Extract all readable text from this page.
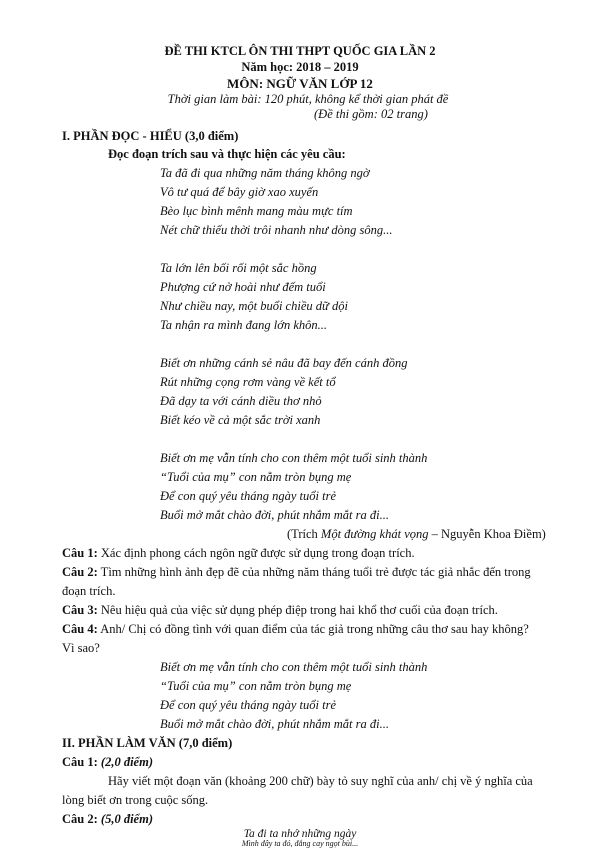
ĐỀ THI KTCL ÔN THI THPT QUỐC GIA LẦN 2
Năm học: 2018 – 2019
MÔN: NGỮ VĂN LỚP 12
Thời gian làm bài: 120 phút, không kể thời gian phát đề
(Đề thi gồm: 02 trang)
I. PHẦN ĐỌC - HIỂU (3,0 điểm)
Đọc đoạn trích sau và thực hiện các yêu cầu:
Ta đã đi qua những năm tháng không ngờ
Vô tư quá để bây giờ xao xuyến
Bèo lục bình mênh mang màu mực tím
Nét chữ thiếu thời trôi nhanh như dòng sông...
Ta lớn lên bối rối một sắc hồng
Phượng cứ nở hoài như đếm tuổi
Như chiều nay, một buổi chiều dữ dội
Ta nhận ra mình đang lớn khôn...
Biết ơn những cánh sẻ nâu đã bay đến cánh đồng
Rút những cọng rơm vàng về kết tổ
Đã dạy ta với cánh diều thơ nhỏ
Biết kéo về cả một sắc trời xanh
Biết ơn mẹ vẫn tính cho con thêm một tuổi sinh thành
“Tuổi của mụ” con nằm tròn bụng mẹ
Để con quý yêu tháng ngày tuổi trẻ
Buổi mở mắt chào đời, phút nhắm mắt ra đi...
(Trích Một đường khát vọng – Nguyễn Khoa Điềm)
Câu 1: Xác định phong cách ngôn ngữ được sử dụng trong đoạn trích.
Câu 2: Tìm những hình ảnh đẹp đẽ của những năm tháng tuổi trẻ được tác giả nhắc đến trong
đoạn trích.
Câu 3: Nêu hiệu quả của việc sử dụng phép điệp trong hai khổ thơ cuối của đoạn trích.
Câu 4: Anh/ Chị có đồng tình với quan điểm của tác giả trong những câu thơ sau hay không?
Vì sao?
Biết ơn mẹ vẫn tính cho con thêm một tuổi sinh thành
“Tuổi của mụ” con nằm tròn bụng mẹ
Để con quý yêu tháng ngày tuổi trẻ
Buổi mở mắt chào đời, phút nhắm mắt ra đi...
II. PHẦN LÀM VĂN (7,0 điểm)
Câu 1: (2,0 điểm)
Hãy viết một đoạn văn (khoảng 200 chữ) bày tỏ suy nghĩ của anh/ chị về ý nghĩa của
lòng biết ơn trong cuộc sống.
Câu 2: (5,0 điểm)
Ta đi ta nhớ những ngày
Mình đây ta đó, đắng cay ngọt bùi...
